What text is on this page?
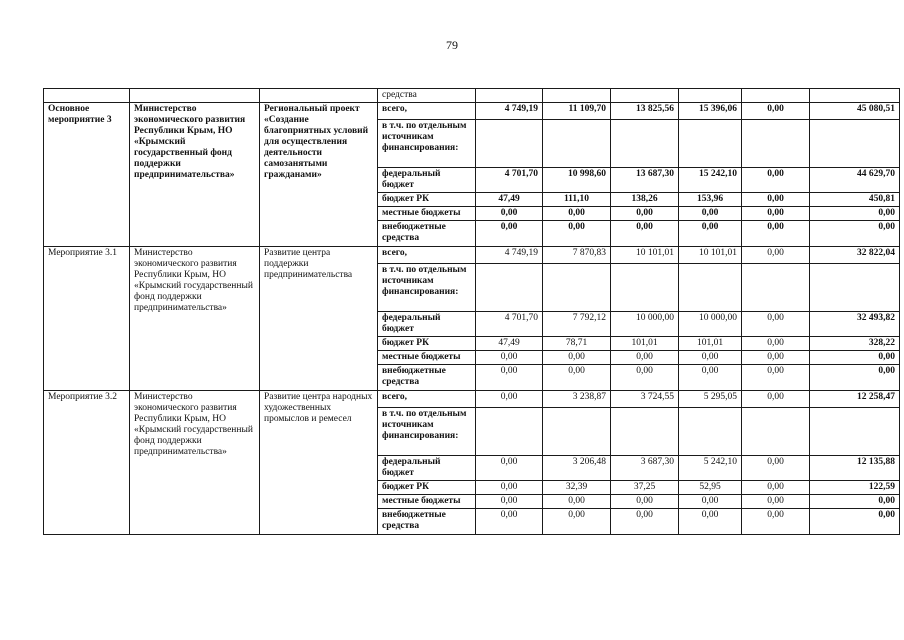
79
			средства						
Основное мероприятие 3	Министерство экономического развития Республики Крым, НО «Крымский государственный фонд поддержки предпринимательства»	Региональный проект «Создание благоприятных условий для осуществления деятельности самозанятыми гражданами»	всего,	4 749,19	11 109,70	13 825,56	15 396,06	0,00	45 080,51
			в т.ч. по отдельным источникам финансирования:						
			федеральный бюджет	4 701,70	10 998,60	13 687,30	15 242,10	0,00	44 629,70
			бюджет РК	47,49	111,10	138,26	153,96	0,00	450,81
			местные бюджеты	0,00	0,00	0,00	0,00	0,00	0,00
			внебюджетные средства	0,00	0,00	0,00	0,00	0,00	0,00
Мероприятие 3.1	Министерство экономического развития Республики Крым, НО «Крымский государственный фонд поддержки предпринимательства»	Развитие центра поддержки предпринимательства	всего,	4 749,19	7 870,83	10 101,01	10 101,01	0,00	32 822,04
			в т.ч. по отдельным источникам финансирования:						
			федеральный бюджет	4 701,70	7 792,12	10 000,00	10 000,00	0,00	32 493,82
			бюджет РК	47,49	78,71	101,01	101,01	0,00	328,22
			местные бюджеты	0,00	0,00	0,00	0,00	0,00	0,00
			внебюджетные средства	0,00	0,00	0,00	0,00	0,00	0,00
Мероприятие 3.2	Министерство экономического развития Республики Крым, НО «Крымский государственный фонд поддержки предпринимательства»	Развитие центра народных художественных промыслов и ремесел	всего,	0,00	3 238,87	3 724,55	5 295,05	0,00	12 258,47
			в т.ч. по отдельным источникам финансирования:						
			федеральный бюджет	0,00	3 206,48	3 687,30	5 242,10	0,00	12 135,88
			бюджет РК	0,00	32,39	37,25	52,95	0,00	122,59
			местные бюджеты	0,00	0,00	0,00	0,00	0,00	0,00
			внебюджетные средства	0,00	0,00	0,00	0,00	0,00	0,00
